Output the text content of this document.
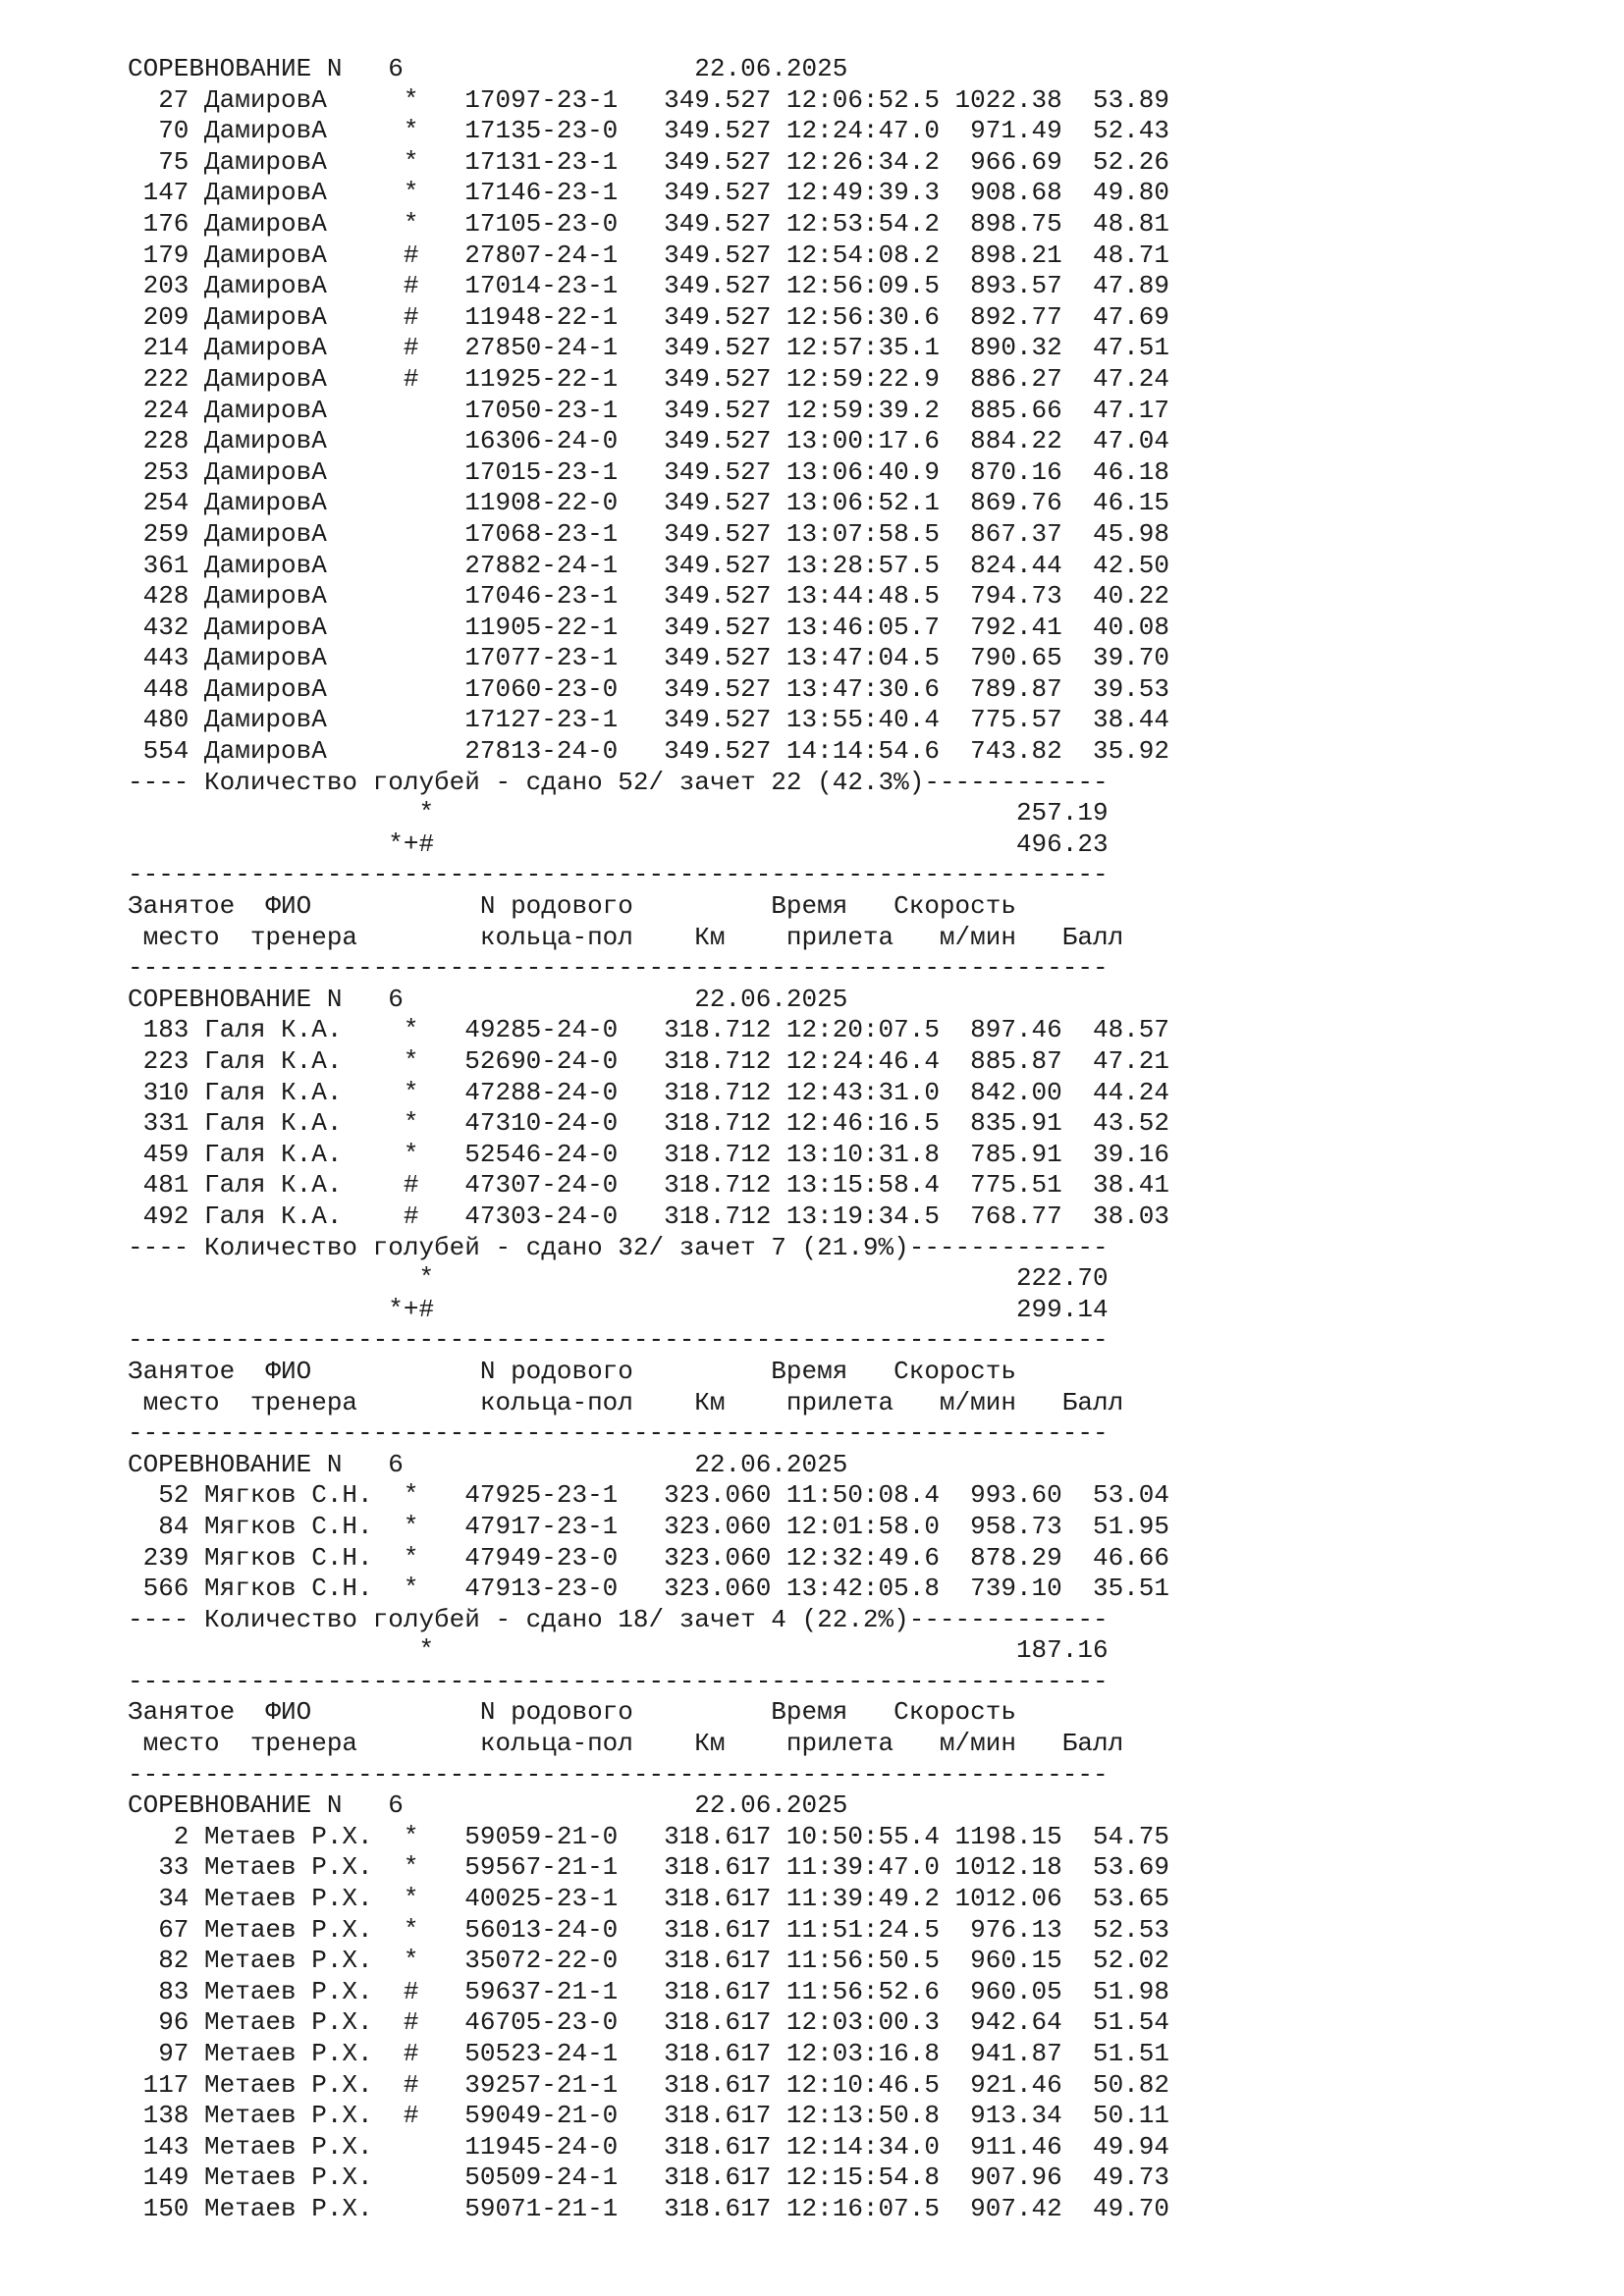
СОРЕВНОВАНИЕ N   6                   22.06.2025
27 ДамировА     *   17097-23-1   349.527 12:06:52.5 1022.38  53.89
70 ДамировА     *   17135-23-0   349.527 12:24:47.0  971.49  52.43
75 ДамировА     *   17131-23-1   349.527 12:26:34.2  966.69  52.26
147 ДамировА     *   17146-23-1   349.527 12:49:39.3  908.68  49.80
176 ДамировА     *   17105-23-0   349.527 12:53:54.2  898.75  48.81
179 ДамировА     #   27807-24-1   349.527 12:54:08.2  898.21  48.71
203 ДамировА     #   17014-23-1   349.527 12:56:09.5  893.57  47.89
209 ДамировА     #   11948-22-1   349.527 12:56:30.6  892.77  47.69
214 ДамировА     #   27850-24-1   349.527 12:57:35.1  890.32  47.51
222 ДамировА     #   11925-22-1   349.527 12:59:22.9  886.27  47.24
224 ДамировА         17050-23-1   349.527 12:59:39.2  885.66  47.17
228 ДамировА         16306-24-0   349.527 13:00:17.6  884.22  47.04
253 ДамировА         17015-23-1   349.527 13:06:40.9  870.16  46.18
254 ДамировА         11908-22-0   349.527 13:06:52.1  869.76  46.15
259 ДамировА         17068-23-1   349.527 13:07:58.5  867.37  45.98
361 ДамировА         27882-24-1   349.527 13:28:57.5  824.44  42.50
428 ДамировА         17046-23-1   349.527 13:44:48.5  794.73  40.22
432 ДамировА         11905-22-1   349.527 13:46:05.7  792.41  40.08
443 ДамировА         17077-23-1   349.527 13:47:04.5  790.65  39.70
448 ДамировА         17060-23-0   349.527 13:47:30.6  789.87  39.53
480 ДамировА         17127-23-1   349.527 13:55:40.4  775.57  38.44
554 ДамировА         27813-24-0   349.527 14:14:54.6  743.82  35.92
---- Количество голубей - сдано 52/ зачет 22 (42.3%)------------
*                                      257.19
*+#                                      496.23
----------------------------------------------------------------
Занятое  ФИО           N родового         Время   Скорость
место  тренера        кольца-пол    Км    прилета   м/мин   Балл
----------------------------------------------------------------
СОРЕВНОВАНИЕ N   6                   22.06.2025
183 Галя К.А.    *   49285-24-0   318.712 12:20:07.5  897.46  48.57
223 Галя К.А.    *   52690-24-0   318.712 12:24:46.4  885.87  47.21
310 Галя К.А.    *   47288-24-0   318.712 12:43:31.0  842.00  44.24
331 Галя К.А.    *   47310-24-0   318.712 12:46:16.5  835.91  43.52
459 Галя К.А.    *   52546-24-0   318.712 13:10:31.8  785.91  39.16
481 Галя К.А.    #   47307-24-0   318.712 13:15:58.4  775.51  38.41
492 Галя К.А.    #   47303-24-0   318.712 13:19:34.5  768.77  38.03
---- Количество голубей - сдано 32/ зачет 7 (21.9%)-------------
*                                      222.70
*+#                                      299.14
----------------------------------------------------------------
Занятое  ФИО           N родового         Время   Скорость
место  тренера        кольца-пол    Км    прилета   м/мин   Балл
----------------------------------------------------------------
СОРЕВНОВАНИЕ N   6                   22.06.2025
52 Мягков С.Н.  *   47925-23-1   323.060 11:50:08.4  993.60  53.04
84 Мягков С.Н.  *   47917-23-1   323.060 12:01:58.0  958.73  51.95
239 Мягков С.Н.  *   47949-23-0   323.060 12:32:49.6  878.29  46.66
566 Мягков С.Н.  *   47913-23-0   323.060 13:42:05.8  739.10  35.51
---- Количество голубей - сдано 18/ зачет 4 (22.2%)-------------
*                                      187.16
----------------------------------------------------------------
Занятое  ФИО           N родового         Время   Скорость
место  тренера        кольца-пол    Км    прилета   м/мин   Балл
----------------------------------------------------------------
СОРЕВНОВАНИЕ N   6                   22.06.2025
2 Метаев Р.Х.  *   59059-21-0   318.617 10:50:55.4 1198.15  54.75
33 Метаев Р.Х.  *   59567-21-1   318.617 11:39:47.0 1012.18  53.69
34 Метаев Р.Х.  *   40025-23-1   318.617 11:39:49.2 1012.06  53.65
67 Метаев Р.Х.  *   56013-24-0   318.617 11:51:24.5  976.13  52.53
82 Метаев Р.Х.  *   35072-22-0   318.617 11:56:50.5  960.15  52.02
83 Метаев Р.Х.  #   59637-21-1   318.617 11:56:52.6  960.05  51.98
96 Метаев Р.Х.  #   46705-23-0   318.617 12:03:00.3  942.64  51.54
97 Метаев Р.Х.  #   50523-24-1   318.617 12:03:16.8  941.87  51.51
117 Метаев Р.Х.  #   39257-21-1   318.617 12:10:46.5  921.46  50.82
138 Метаев Р.Х.  #   59049-21-0   318.617 12:13:50.8  913.34  50.11
143 Метаев Р.Х.      11945-24-0   318.617 12:14:34.0  911.46  49.94
149 Метаев Р.Х.      50509-24-1   318.617 12:15:54.8  907.96  49.73
150 Метаев Р.Х.      59071-21-1   318.617 12:16:07.5  907.42  49.70
